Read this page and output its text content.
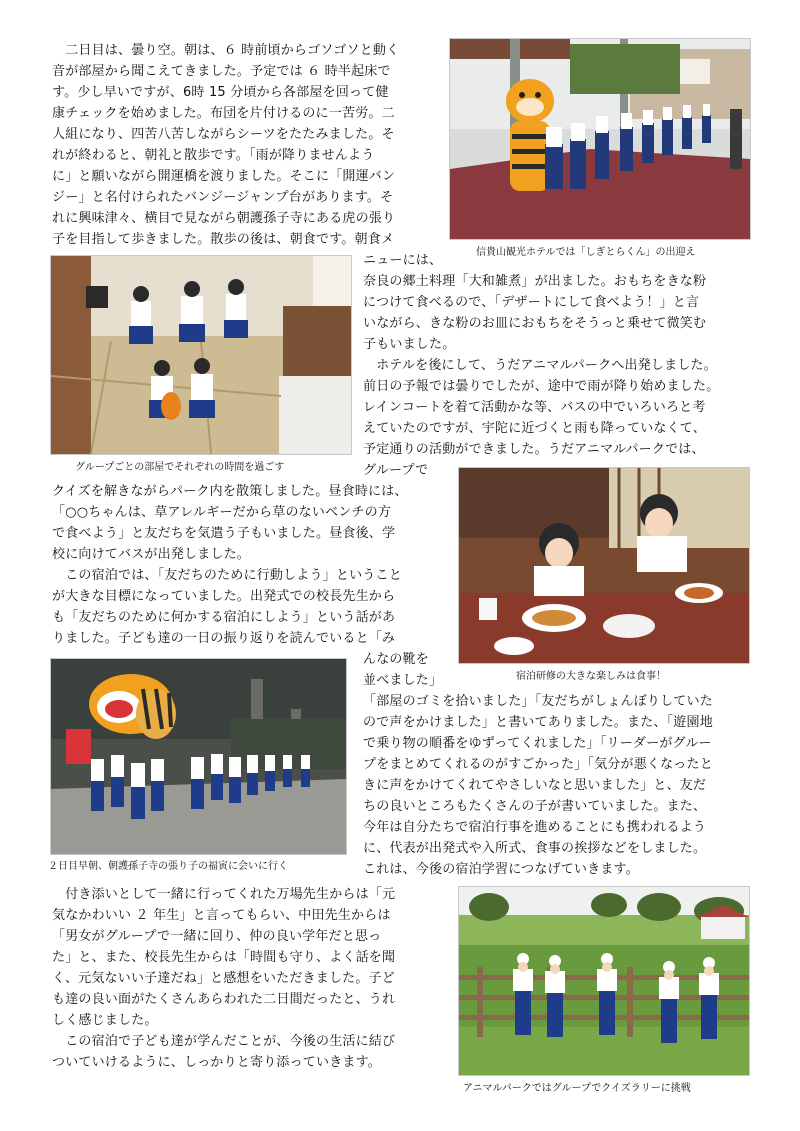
　二日目は、曇り空。朝は、６ 時前頃からゴソゴソと動く
音が部屋から聞こえてきました。予定では ６ 時半起床で
す。少し早いですが、6時 15 分頃から各部屋を回って健
康チェックを始めました。布団を片付けるのに一苦労。二
人組になり、四苦八苦しながらシーツをたたみました。そ
れが終わると、朝礼と散歩です。「雨が降りませんよう
に」と願いながら開運橋を渡りました。そこに「開運バン
ジー」と名付けられたバンジージャンプ台があります。そ
れに興味津々、横目で見ながら朝護孫子寺にある虎の張り
子を目指して歩きました。散歩の後は、朝食です。朝食メ
ニューには、
奈良の郷土料理「大和雑煮」が出ました。おもちをきな粉
につけて食べるので、「デザートにして食べよう！」と言
いながら、きな粉のお皿におもちをそうっと乗せて微笑む
子もいました。
　ホテルを後にして、うだアニマルパークへ出発しました。
前日の予報では曇りでしたが、途中で雨が降り始めました。
レインコートを着て活動かな等、バスの中でいろいろと考
えていたのですが、宇陀に近づくと雨も降っていなくて、
予定通りの活動ができました。うだアニマルパークでは、
グループで
クイズを解きながらパーク内を散策しました。昼食時には、
「○○ちゃんは、草アレルギーだから草のないベンチの方
で食べよう」と友だちを気遣う子もいました。昼食後、学
校に向けてバスが出発しました。
　この宿泊では、「友だちのために行動しよう」ということ
が大きな目標になっていました。出発式での校長先生から
も「友だちのために何かする宿泊にしよう」という話があ
りました。子ども達の一日の振り返りを読んでいると「み
んなの靴を
並べました」
「部屋のゴミを拾いました」「友だちがしょんぼりしていた
ので声をかけました」と書いてありました。また、「遊園地
で乗り物の順番をゆずってくれました」「リーダーがグルー
プをまとめてくれるのがすごかった」「気分が悪くなったと
きに声をかけてくれてやさしいなと思いました」と、友だ
ちの良いところもたくさんの子が書いていました。また、
今年は自分たちで宿泊行事を進めることにも携われるよう
に、代表が出発式や入所式、食事の挨拶などをしました。
これは、今後の宿泊学習につなげていきます。
　付き添いとして一緒に行ってくれた万場先生からは「元
気なかわいい ２ 年生」と言ってもらい、中田先生からは
「男女がグループで一緒に回り、仲の良い学年だと思っ
た」と、また、校長先生からは「時間も守り、よく話を聞
く、元気ないい子達だね」と感想をいただきました。子ど
も達の良い面がたくさんあらわれた二日間だったと、うれ
しく感じました。
　この宿泊で子ども達が学んだことが、今後の生活に結び
ついていけるように、しっかりと寄り添っていきます。
信貴山観光ホテルでは「しぎとらくん」の出迎え
グループごとの部屋でそれぞれの時間を過ごす
宿泊研修の大きな楽しみは食事！
２日目早朝、朝護孫子寺の張り子の福寅に会いに行く
アニマルパークではグループでクイズラリーに挑戦
